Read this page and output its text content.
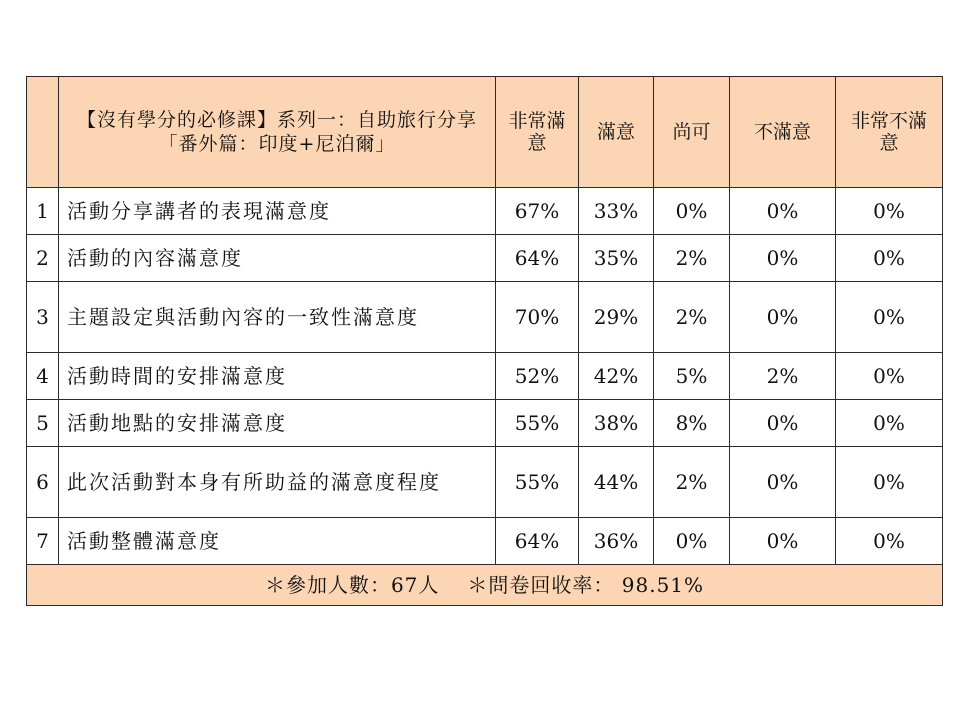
	【沒有學分的必修課】系列一：自助旅行分享
「番外篇：印度+尼泊爾」	非常滿意	滿意	尚可	不滿意	非常不滿意
1	活動分享講者的表現滿意度	67%	33%	0%	0%	0%
2	活動的內容滿意度	64%	35%	2%	0%	0%
3	主題設定與活動內容的一致性滿意度	70%	29%	2%	0%	0%
4	活動時間的安排滿意度	52%	42%	5%	2%	0%
5	活動地點的安排滿意度	55%	38%	8%	0%	0%
6	此次活動對本身有所助益的滿意度程度	55%	44%	2%	0%	0%
7	活動整體滿意度	64%	36%	0%	0%	0%
＊參加人數：67人 ＊問卷回收率： 98.51%						
